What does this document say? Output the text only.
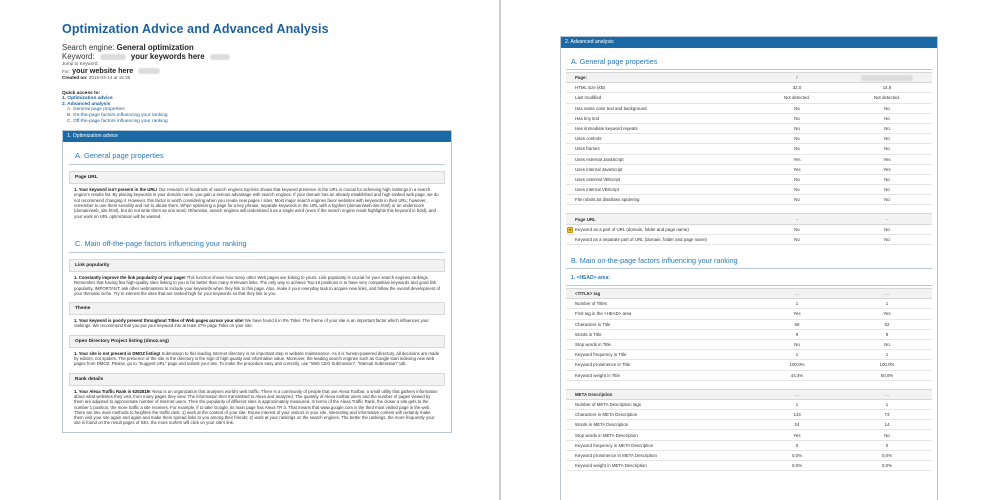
Optimization Advice and Advanced Analysis
Search engine: General optimization
Keyword:	your keywords here
Jump to Keyword:
For: your website here
Created on: 2015-03-14 at 15:35
Quick access to:
1. Optimization advice
2. Advanced analysis
A. General page properties
B. On-the-page factors influencing your ranking
C. Off-the-page factors influencing your ranking
1. Optimization advice
A. General page properties
Page URL
1. Your keyword isn't present in the URL! Our research of hundreds of search engines top-lists shows that keyword presence in the URL is crucial for achieving high rankings in a search engine's results list. By placing keywords in your domain name, you gain a serious advantage with search engines. If your domain has an already established and high-ranked web page, we do not recommend changing it. However, this factor is worth considering when you create new pages / sites. Most major search engines favor websites with keywords in their URL; however, remember to use them sensibly and not to abuse them. When optimizing a page for a key phrase, separate keywords in the URL with a hyphen (domain/web-site.html) or an underscore (domain/web_site.html), but do not write them as one word. Otherwise, search engines will understand it as a single word (even if the search engine result highlights this keyword in bold), and your work on URL optimization will be wasted.
C. Main off-the-page factors influencing your ranking
Link popularity
1. Constantly improve the link popularity of your page! This function shows how many other Web pages are linking to yours. Link popularity is crucial for your search engines rankings. Remember that having few high-quality sites linking to you is far better than many irrelevant links. The only way to achieve Top-10 positions is to have very competitive keywords and good link popularity. IMPORTANT: ask other webmasters to include your keywords when they link to this page. Also, make it your everyday task to acquire new links, and follow the overall development of your thematic niche. Try to interest the sites that are ranked high for your keywords so that they link to you.
Theme
1. Your keyword is poorly present throughout Titles of Web pages across your site! We have found it in 0% Titles. The theme of your site is an important factor which influences your rankings. We recommend that you put your keyword into at least 27% page Titles on your site.
Open Directory Project listing (dmoz.org)
1. Your site is not present in DMOZ listing! Submission to this leading Internet directory is an important step in website maintenance. As it is human-powered directory, all decisions are made by editors, not spiders. The presence of the site in the directory is the sign of high quality and informative value. Moreover, the leading search engines such as Google start indexing new web pages from DMOZ. Please, go to "Suggest URL" page and submit your site. To make the procedure easy and correctly, use "Web CEO Submission", "Manual Submission" tab.
Rank details
1. Your Alexa Traffic Rank is 6252819! Alexa is an organization that analyses world's web traffic. There is a community of people that use Alexa Toolbar, a small utility that gathers information about what websites they visit, from many pages they view. The information then transmitted to Alexa and analyzed. The quantity of Alexa toolbar users and the number of pages viewed by them are adjusted to approximate number of Internet users. Then the popularity of different sites is approximately measured. In terms of the Alexa Traffic Rank, the closer a site gets to the number 1 position, the more traffic a site receives. For example, if to take Google, its main page has Alexa TR 3. That means that www.google.com is the third most visited page in the web. There are two main methods to heighten the traffic rank: 1) work at the content of your site. Rouse interest of your visitors in your site, interesting and informative content will certainly make them visit your site again and again and make them spread links to you among their friends; 2) work at your rankings on the search engines. The better the rankings, the more frequently your site is found on the result pages of SEs, the more surfers will click on your site's link.
2. Advanced analysis
A. General page properties
Page:	/	
HTML size (kB)	32,0	14,6
Last modified	Not detected.	Not detected.
Has same color text and background	No	No
Has tiny text	No	No
Has immediate keyword repeats	No	No
Uses controls	No	No
Uses frames	No	No
Uses external JavaScript	Yes	Yes
Uses internal JavaScript	Yes	Yes
Uses external VBScript	No	No
Uses internal VBScript	No	No
File robots.txt disallows spidering	No	No
Page URL	-	-

★ Keyword as a part of URL (domain, folder and page name)	No	No
Keyword as a separate part of URL (domain, folder and page name)	No	No
B. Main on-the-page factors influencing your ranking
1. <HEAD> area:
<TITLE> tag	...	...
Number of Titles	1	1
First tag in the <HEAD> area	Yes	Yes
Characters in Title	59	52
Words in Title	9	8
Stop words in Title	No	No
Keyword frequency in Title	1	1
Keyword prominence in Title	100,0%	100,0%
Keyword weight in Title	44,4%	50,0%
META Description	...	...
Number of META Description tags	1	1
Characters in META Description	143	73
Words in META Description	24	14
Stop words in META Description	Yes	No
Keyword frequency in META Description	0	0
Keyword prominence in META Description	0,0%	0,0%
Keyword weight in META Description	0,0%	0,0%
